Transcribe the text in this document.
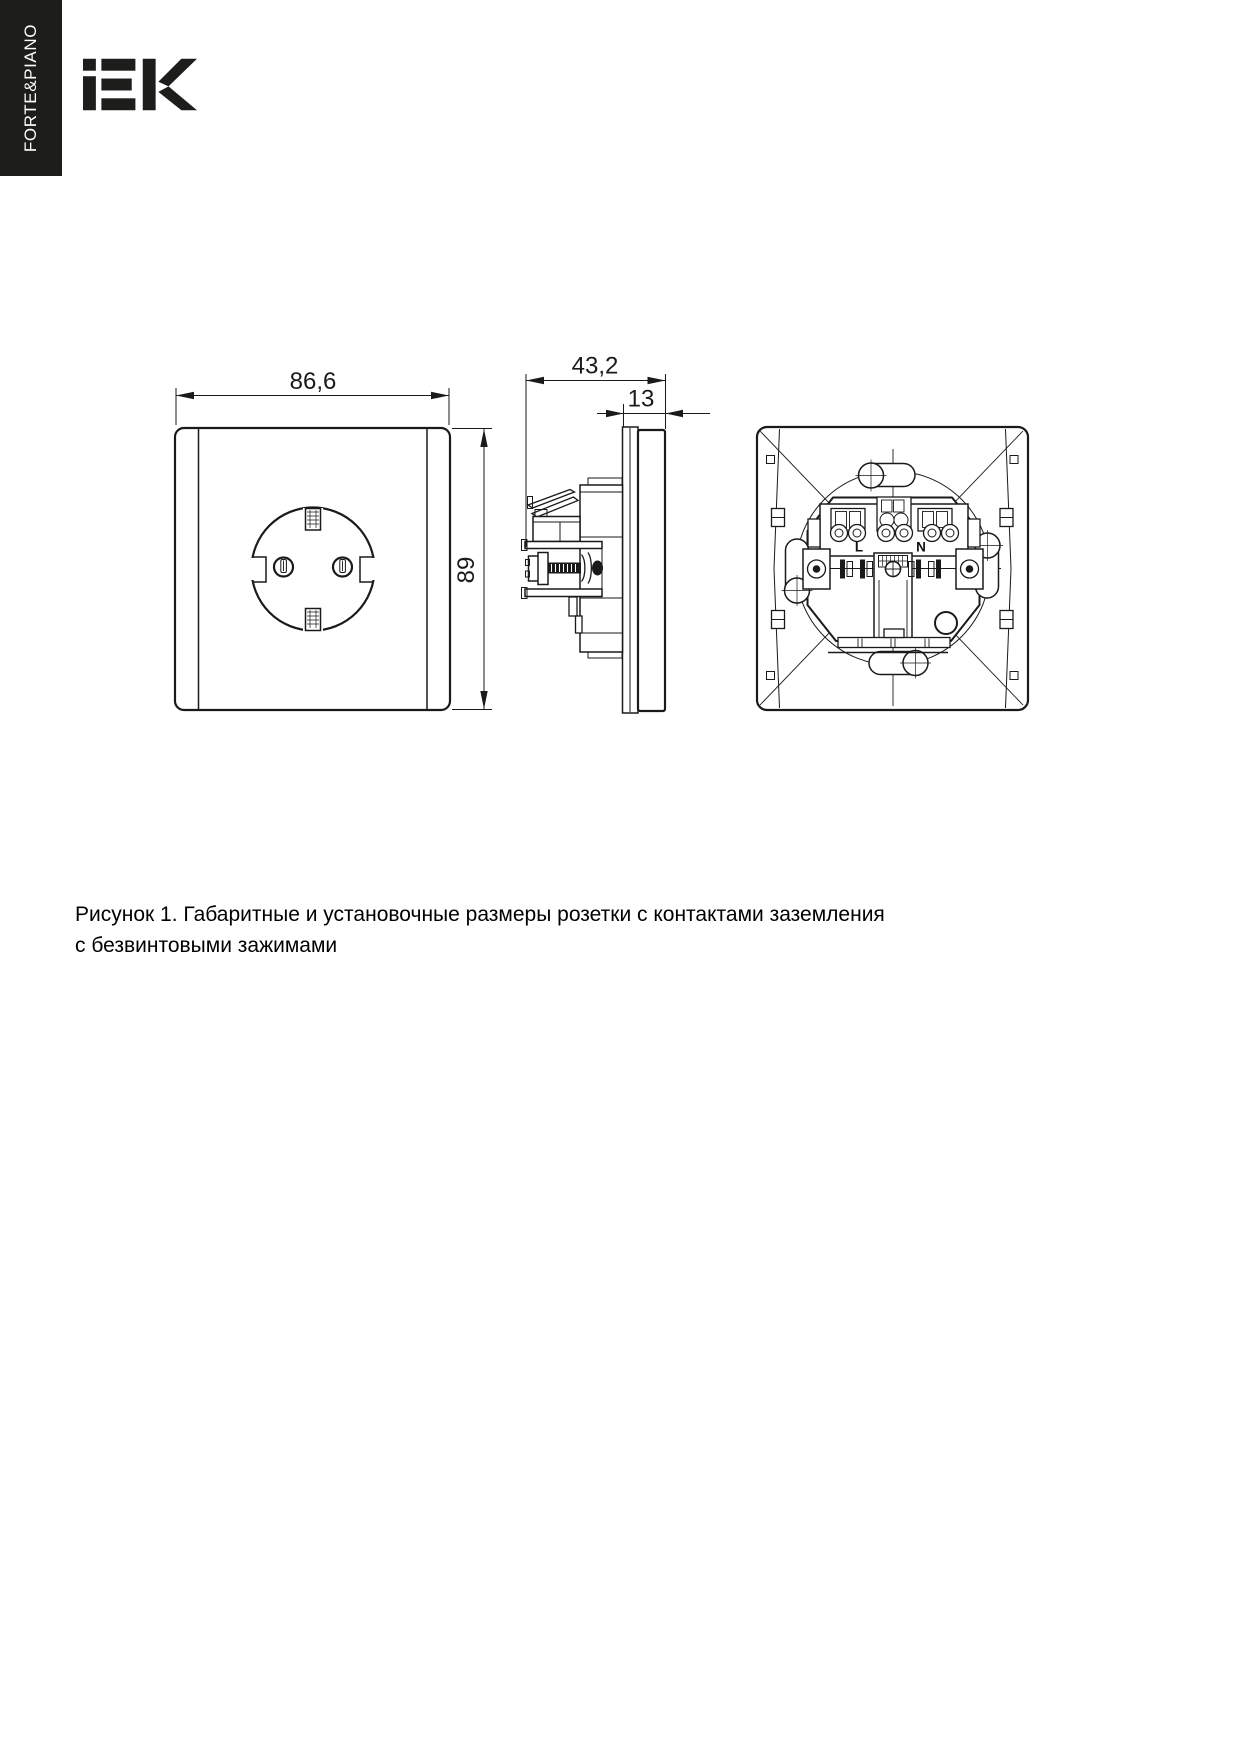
FORTE&PIANO
86,6
89
43,2
13
L	N
Рисунок 1. Габаритные и установочные размеры розетки с контактами заземления
с безвинтовыми зажимами
